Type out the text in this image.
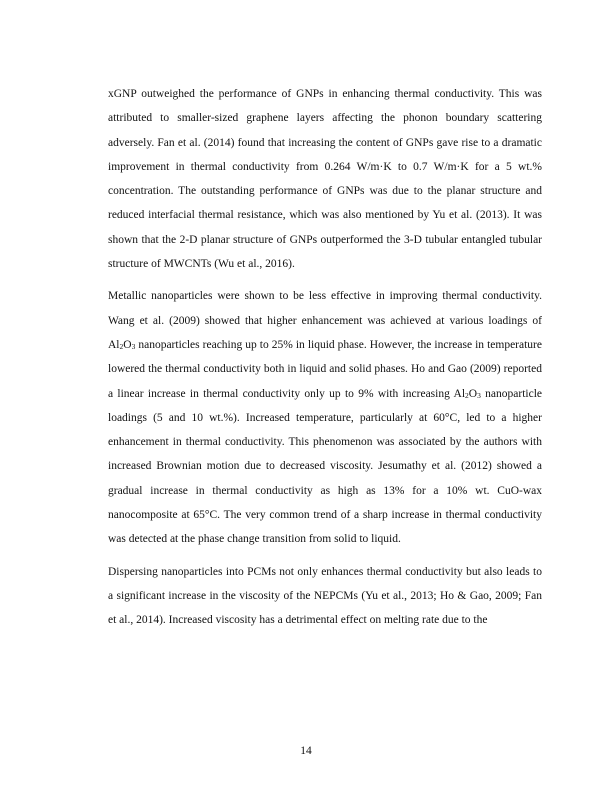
xGNP outweighed the performance of GNPs in enhancing thermal conductivity. This was attributed to smaller-sized graphene layers affecting the phonon boundary scattering adversely. Fan et al. (2014) found that increasing the content of GNPs gave rise to a dramatic improvement in thermal conductivity from 0.264 W/m·K to 0.7 W/m·K for a 5 wt.% concentration. The outstanding performance of GNPs was due to the planar structure and reduced interfacial thermal resistance, which was also mentioned by Yu et al. (2013). It was shown that the 2-D planar structure of GNPs outperformed the 3-D tubular entangled tubular structure of MWCNTs (Wu et al., 2016).

Metallic nanoparticles were shown to be less effective in improving thermal conductivity. Wang et al. (2009) showed that higher enhancement was achieved at various loadings of $Al_2O_3$ nanoparticles reaching up to 25% in liquid phase. However, the increase in temperature lowered the thermal conductivity both in liquid and solid phases. Ho and Gao (2009) reported a linear increase in thermal conductivity only up to 9% with increasing $Al_2O_3$ nanoparticle loadings (5 and 10 wt.%). Increased temperature, particularly at 60°C, led to a higher enhancement in thermal conductivity. This phenomenon was associated by the authors with increased Brownian motion due to decreased viscosity. Jesumathy et al. (2012) showed a gradual increase in thermal conductivity as high as 13% for a 10% wt. CuO-wax nanocomposite at 65°C. The very common trend of a sharp increase in thermal conductivity was detected at the phase change transition from solid to liquid.

Dispersing nanoparticles into PCMs not only enhances thermal conductivity but also leads to a significant increase in the viscosity of the NEPCMs (Yu et al., 2013; Ho & Gao, 2009; Fan et al., 2014). Increased viscosity has a detrimental effect on melting rate due to the

14
